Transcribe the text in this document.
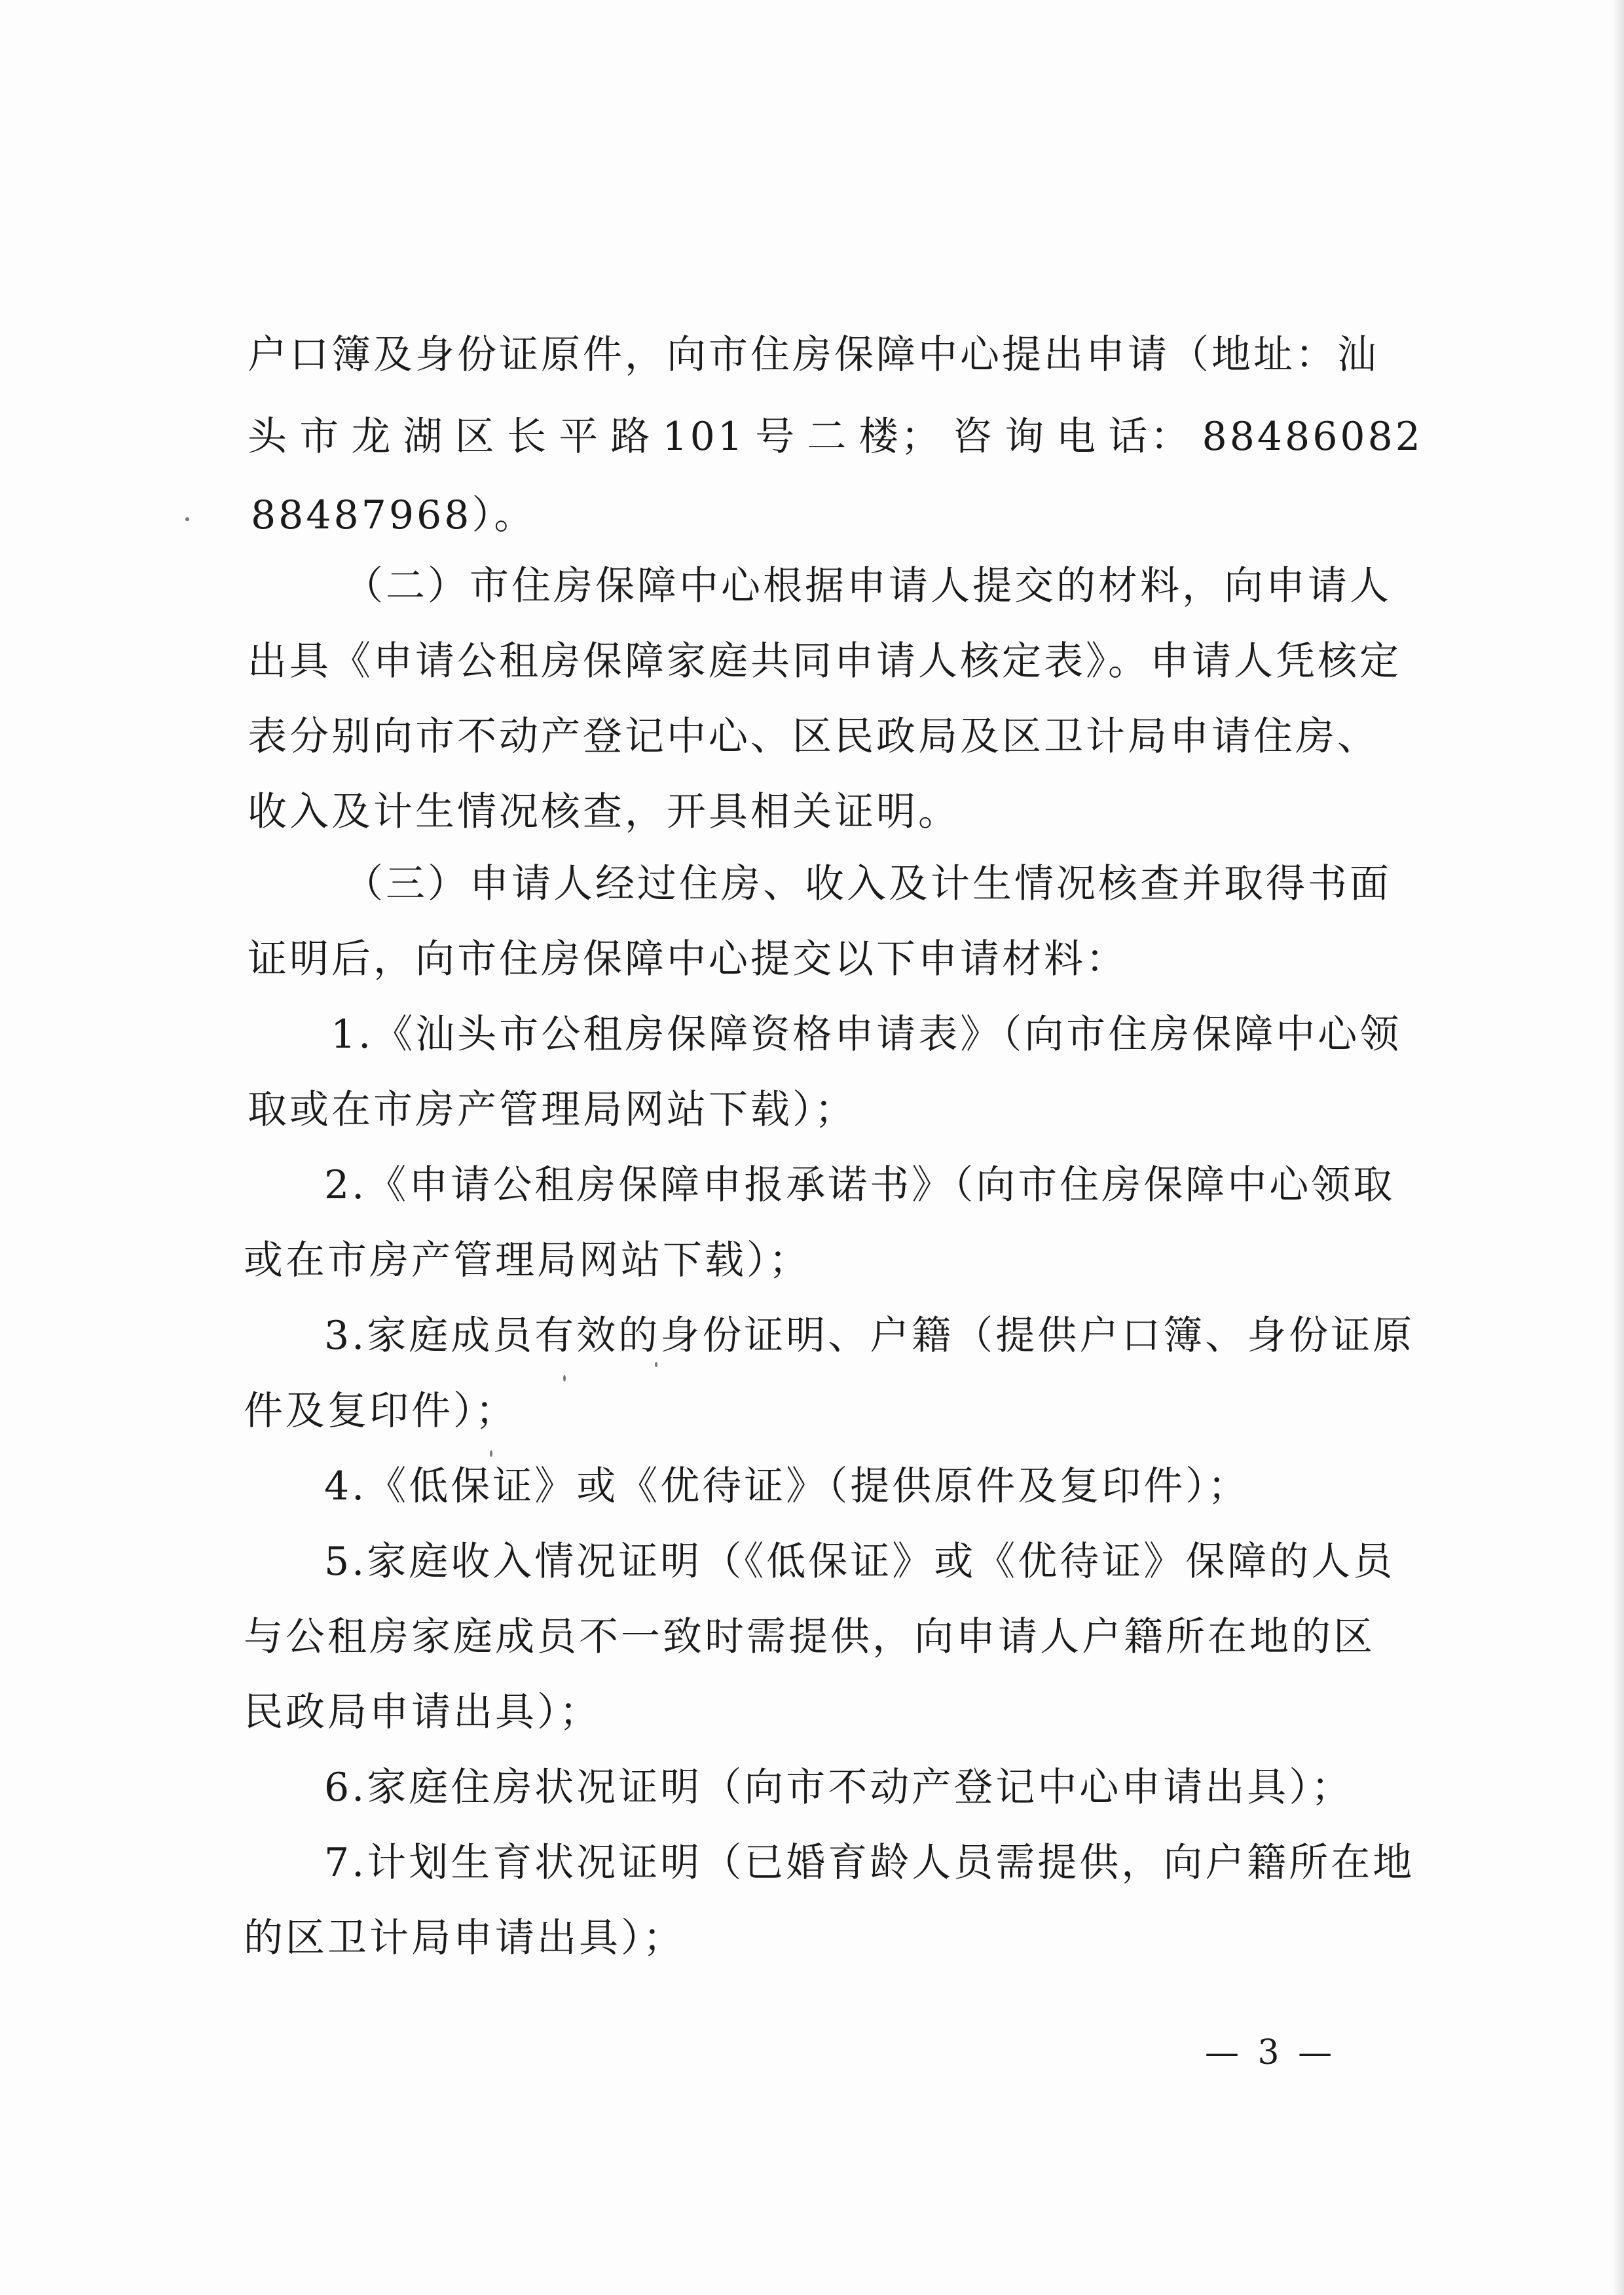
户口簿及身份证原件，向市住房保障中心提出申请（地址：汕
头 市 龙 湖 区 长 平 路 101 号 二 楼； 咨 询 电 话： 88486082
88487968）。
（二）市住房保障中心根据申请人提交的材料，向申请人
出具《申请公租房保障家庭共同申请人核定表》。申请人凭核定
表分别向市不动产登记中心、区民政局及区卫计局申请住房、
收入及计生情况核查，开具相关证明。
（三）申请人经过住房、收入及计生情况核查并取得书面
证明后，向市住房保障中心提交以下申请材料：
1.《汕头市公租房保障资格申请表》（向市住房保障中心领
取或在市房产管理局网站下载）；
2.《申请公租房保障申报承诺书》（向市住房保障中心领取
或在市房产管理局网站下载）；
3.家庭成员有效的身份证明、户籍（提供户口簿、身份证原
件及复印件）；
4.《低保证》或《优待证》（提供原件及复印件）；
5.家庭收入情况证明（《低保证》或《优待证》保障的人员
与公租房家庭成员不一致时需提供，向申请人户籍所在地的区
民政局申请出具）；
6.家庭住房状况证明（向市不动产登记中心申请出具）；
7.计划生育状况证明（已婚育龄人员需提供，向户籍所在地
的区卫计局申请出具）；
— 3 —
